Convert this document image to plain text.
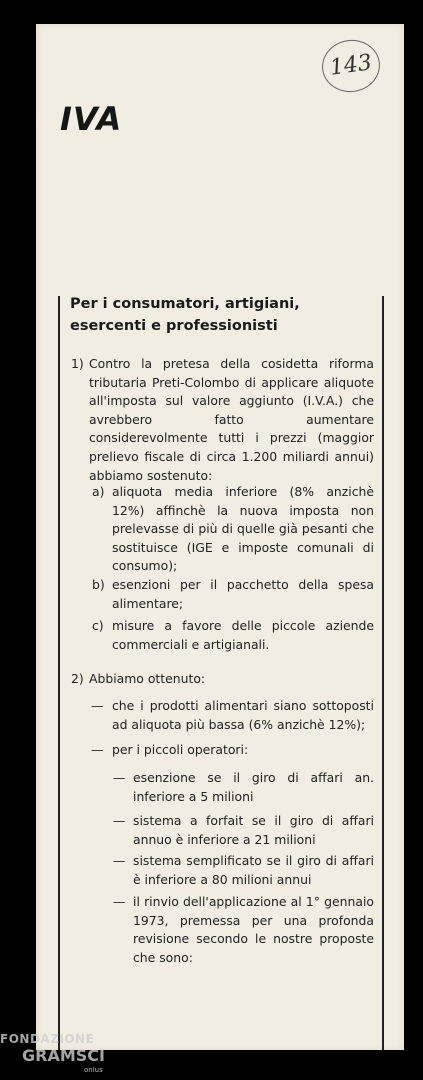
143
IVA
Per i consumatori, artigiani, esercenti e professionisti
1) Contro la pretesa della cosidetta riforma tributaria Preti-Colombo di applicare aliquote all'imposta sul valore aggiunto (I.V.A.) che avrebbero fatto aumentare considerevolmente tutti i prezzi (maggior prelievo fiscale di circa 1.200 miliardi annui) abbiamo sostenuto:
a) aliquota media inferiore (8% anzichè 12%) affinchè la nuova imposta non prelevasse di più di quelle già pesanti che sostituisce (IGE e imposte comunali di consumo);
b) esenzioni per il pacchetto della spesa alimentare;
c) misure a favore delle piccole aziende commerciali e artigianali.
2) Abbiamo ottenuto:
— che i prodotti alimentari siano sottoposti ad aliquota più bassa (6% anzichè 12%);
— per i piccoli operatori:
— esenzione se il giro di affari an. inferiore a 5 milioni
— sistema a forfait se il giro di affari annuo è inferiore a 21 milioni
— sistema semplificato se il giro di affari è inferiore a 80 milioni annui
— il rinvio dell'applicazione al 1° gennaio 1973, premessa per una profonda revisione secondo le nostre proposte che sono:
FONDAZIONE
GRAMSCI
onlus
